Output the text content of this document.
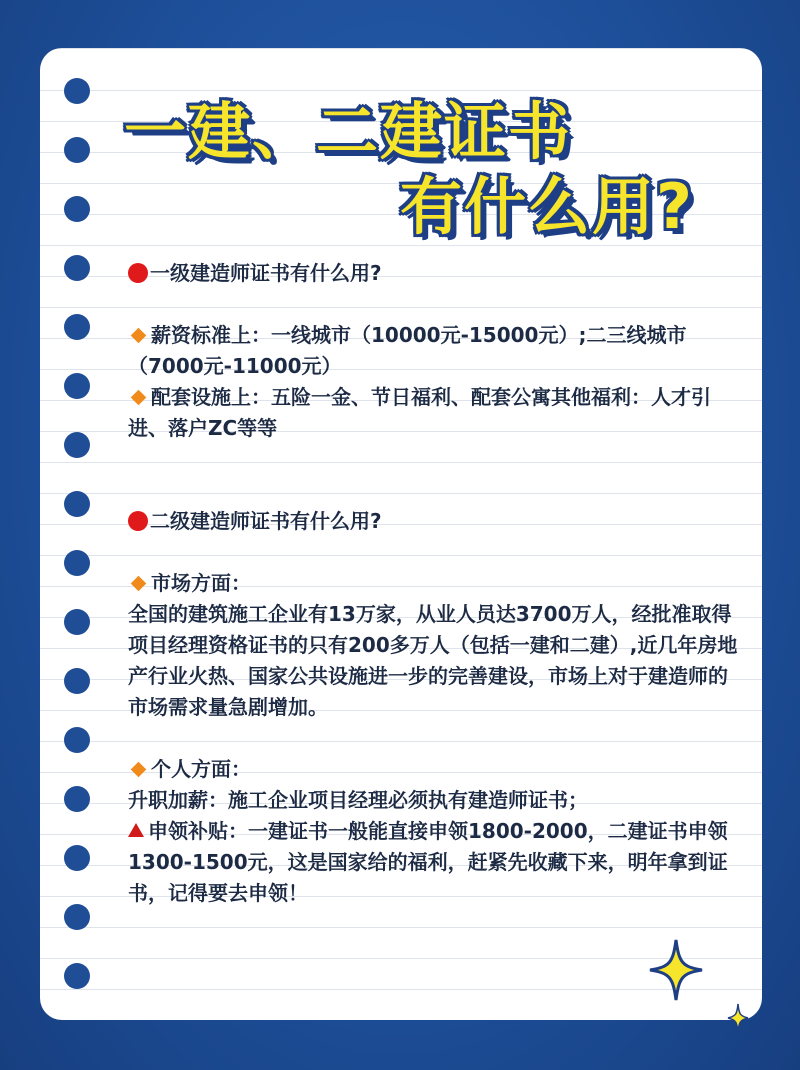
一建、二建证书
有什么用?

一级建造师证书有什么用?

薪资标准上：一线城市（10000元-15000元）;二三线城市（7000元-11000元）

配套设施上：五险一金、节日福利、配套公寓其他福利：人才引进、落户ZC等等

二级建造师证书有什么用?

市场方面：

全国的建筑施工企业有13万家，从业人员达3700万人，经批准取得项目经理资格证书的只有200多万人（包括一建和二建）,近几年房地产行业火热、国家公共设施进一步的完善建设，市场上对于建造师的市场需求量急剧增加。

个人方面：

升职加薪：施工企业项目经理必须执有建造师证书；

申领补贴：一建证书一般能直接申领1800-2000，二建证书申领1300-1500元，这是国家给的福利，赶紧先收藏下来，明年拿到证书，记得要去申领！
